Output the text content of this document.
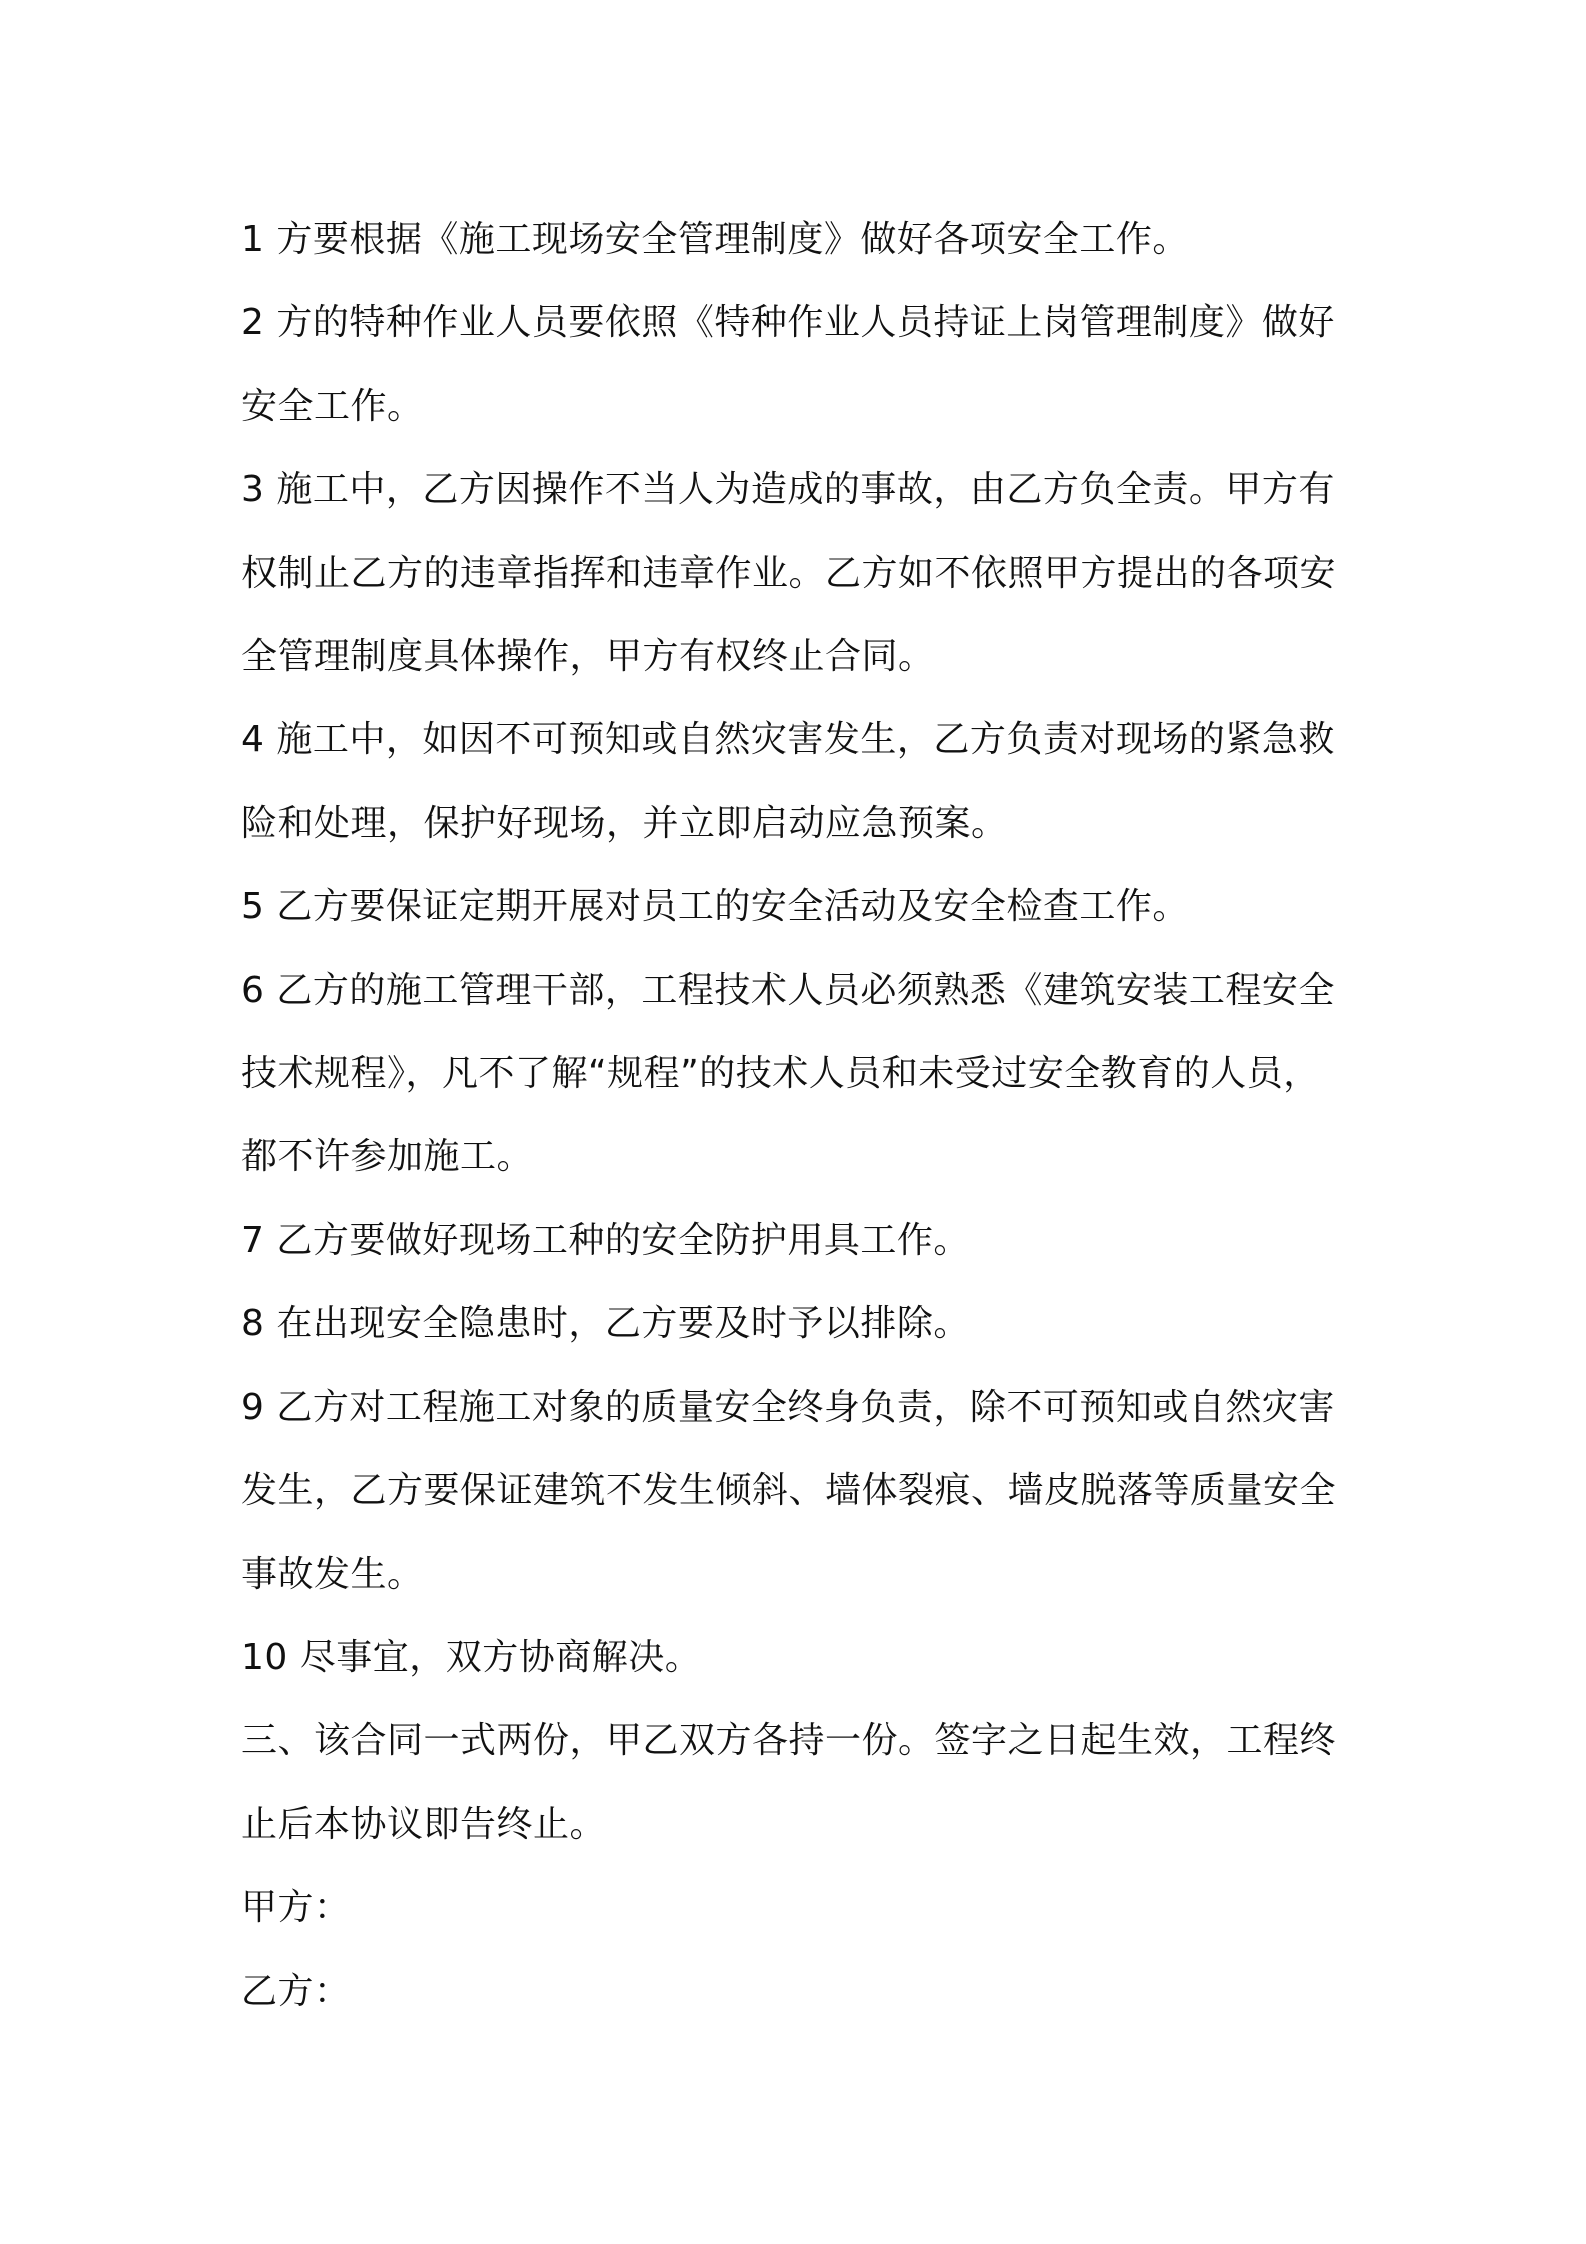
1 方要根据《施工现场安全管理制度》做好各项安全工作。

2 方的特种作业人员要依照《特种作业人员持证上岗管理制度》做好

安全工作。

3 施工中，乙方因操作不当人为造成的事故，由乙方负全责。甲方有

权制止乙方的违章指挥和违章作业。乙方如不依照甲方提出的各项安

全管理制度具体操作，甲方有权终止合同。

4 施工中，如因不可预知或自然灾害发生，乙方负责对现场的紧急救

险和处理，保护好现场，并立即启动应急预案。

5 乙方要保证定期开展对员工的安全活动及安全检查工作。

6 乙方的施工管理干部，工程技术人员必须熟悉《建筑安装工程安全

技术规程》，凡不了解“规程”的技术人员和未受过安全教育的人员，

都不许参加施工。

7 乙方要做好现场工种的安全防护用具工作。

8 在出现安全隐患时，乙方要及时予以排除。

9 乙方对工程施工对象的质量安全终身负责，除不可预知或自然灾害

发生，乙方要保证建筑不发生倾斜、墙体裂痕、墙皮脱落等质量安全

事故发生。

10 尽事宜，双方协商解决。

三、该合同一式两份，甲乙双方各持一份。签字之日起生效，工程终

止后本协议即告终止。

甲方：

乙方：
